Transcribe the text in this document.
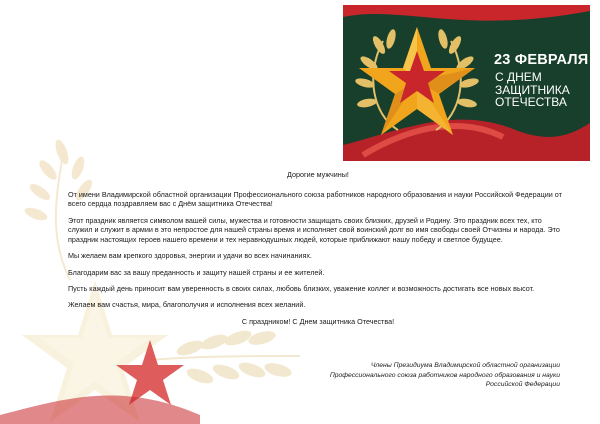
23 ФЕВРАЛЯ
С ДНЕМ
ЗАЩИТНИКА
ОТЕЧЕСТВА

Дорогие мужчины!

От имени Владимирской областной организации Профессионального союза работников народного образования и науки Российской Федерации от всего сердца поздравляем вас с Днём защитника Отечества!

Этот праздник является символом вашей силы, мужества и готовности защищать своих близких, друзей и Родину. Это праздник всех тех, кто служил и служит в армии в это непростое для нашей страны время и исполняет свой воинский долг во имя свободы своей Отчизны и народа. Это праздник настоящих героев нашего времени и тех неравнодушных людей, которые приближают нашу победу и светлое будущее.

Мы желаем вам крепкого здоровья, энергии и удачи во всех начинаниях.

Благодарим вас за вашу преданность и защиту нашей страны и ее жителей.

Пусть каждый день приносит вам уверенность в своих силах, любовь близких, уважение коллег и возможность достигать все новых высот.

Желаем вам счастья, мира, благополучия и исполнения всех желаний.

С праздником! С Днем защитника Отечества!

Члены Президиума Владимирской областной организации
Профессионального союза работников народного образования и науки
Российской Федерации
